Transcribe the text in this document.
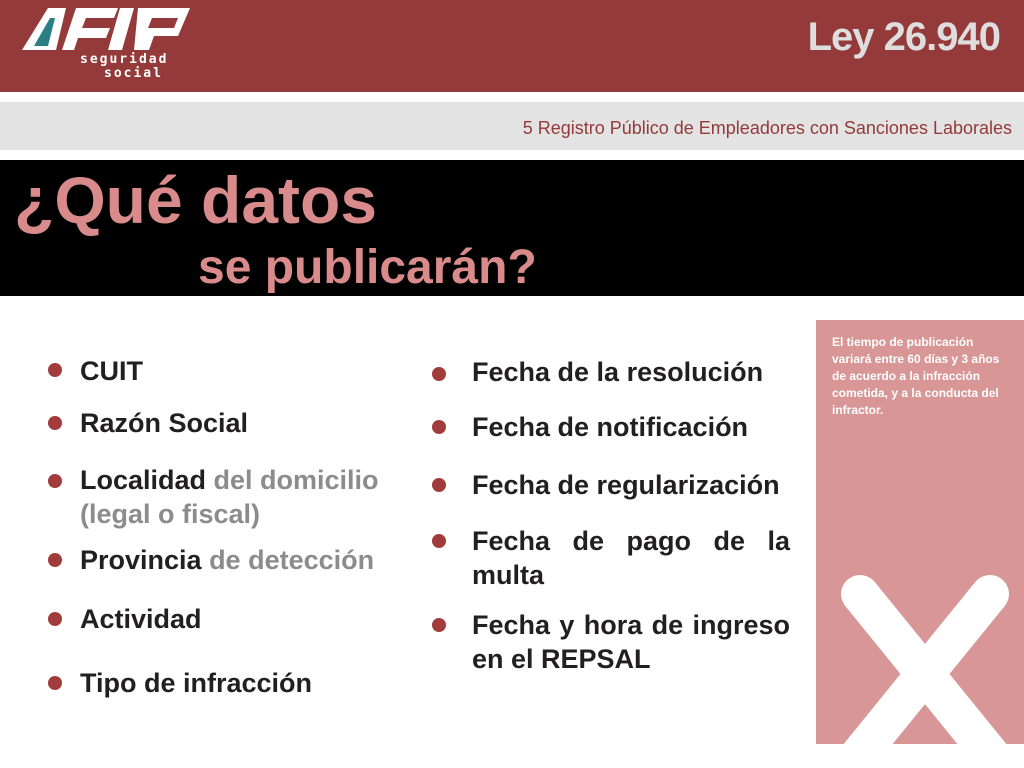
seguridad
social
Ley 26.940
5 Registro Público de Empleadores con Sanciones Laborales
¿Qué datos
se publicarán?
CUIT
Razón Social
Localidad del domicilio
(legal o fiscal)
Provincia de detección
Actividad
Tipo de infracción
Fecha de la resolución
Fecha de notificación
Fecha de regularización
Fecha de pago de la multa
Fecha y hora de ingreso en el REPSAL
El tiempo de publicación variará entre 60 días y 3 años de acuerdo a la infracción cometida, y a la conducta del infractor.
